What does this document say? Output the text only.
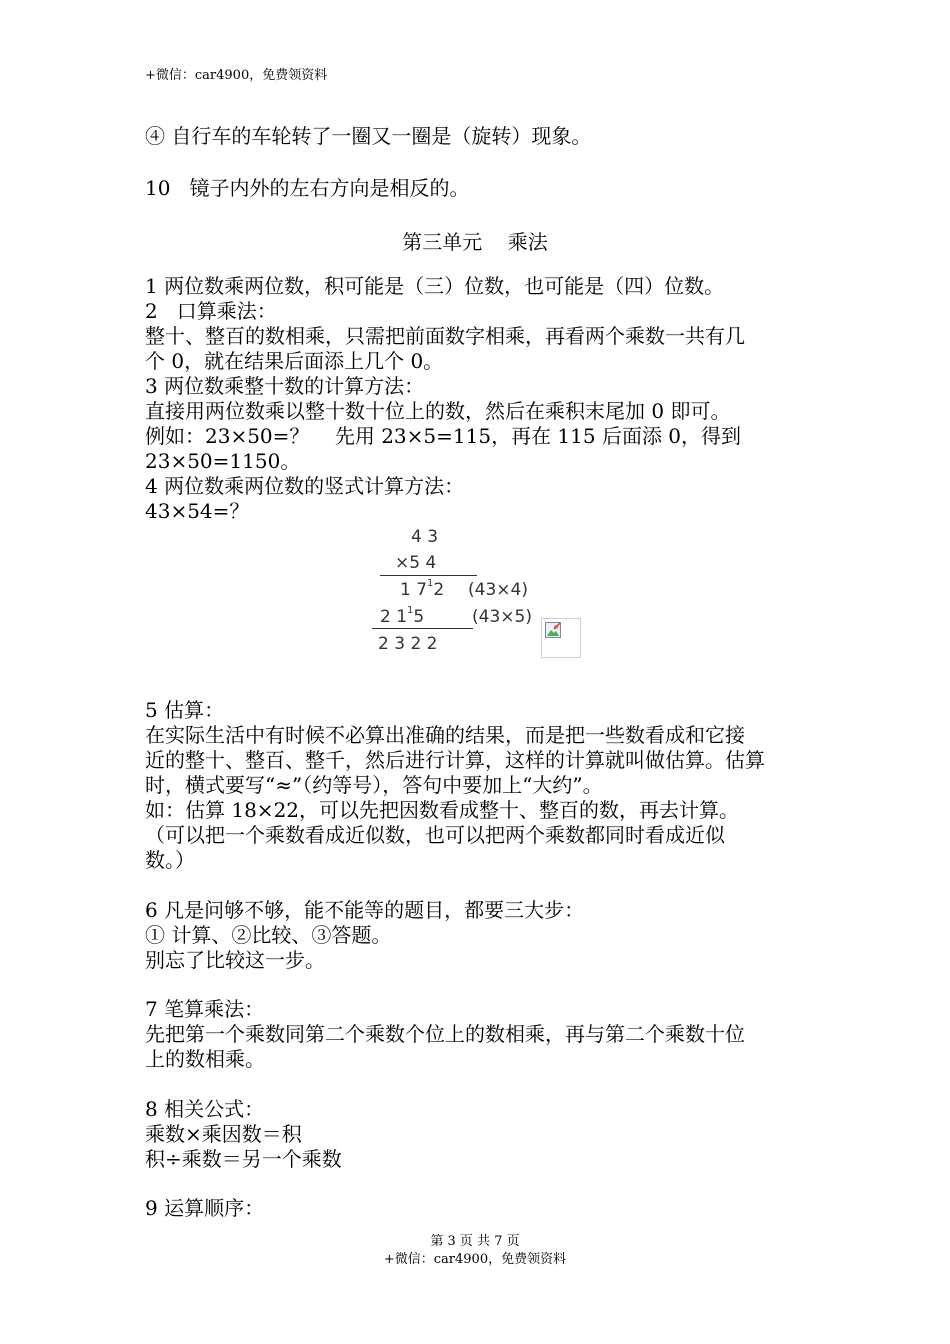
+微信：car4900，免费领资料
④ 自行车的车轮转了一圈又一圈是（旋转）现象。
10   镜子内外的左右方向是相反的。
第三单元    乘法
1 两位数乘两位数，积可能是（三）位数，也可能是（四）位数。
2   口算乘法：
整十、整百的数相乘，只需把前面数字相乘，再看两个乘数一共有几
个 0，就在结果后面添上几个 0。
3 两位数乘整十数的计算方法：
直接用两位数乘以整十数十位上的数，然后在乘积末尾加 0 即可。
例如：23×50=？    先用 23×5=115，再在 115 后面添 0，得到
23×50=1150。
4 两位数乘两位数的竖式计算方法：
43×54=？
4 3
×5 4
1 $7^12$ (43×4)
2 $1^15$	(43×5)
2 3 2 2
5 估算：
在实际生活中有时候不必算出准确的结果，而是把一些数看成和它接
近的整十、整百、整千，然后进行计算，这样的计算就叫做估算。估算
时，横式要写“≈”（约等号），答句中要加上“大约”。
如：估算 18×22，可以先把因数看成整十、整百的数，再去计算。
（可以把一个乘数看成近似数，也可以把两个乘数都同时看成近似
数。）
6 凡是问够不够，能不能等的题目，都要三大步：
① 计算、②比较、③答题。
别忘了比较这一步。
7 笔算乘法：
先把第一个乘数同第二个乘数个位上的数相乘，再与第二个乘数十位
上的数相乘。
8 相关公式：
乘数×乘因数＝积
积÷乘数＝另一个乘数
9 运算顺序：
第 3 页 共 7 页
+微信：car4900，免费领资料
